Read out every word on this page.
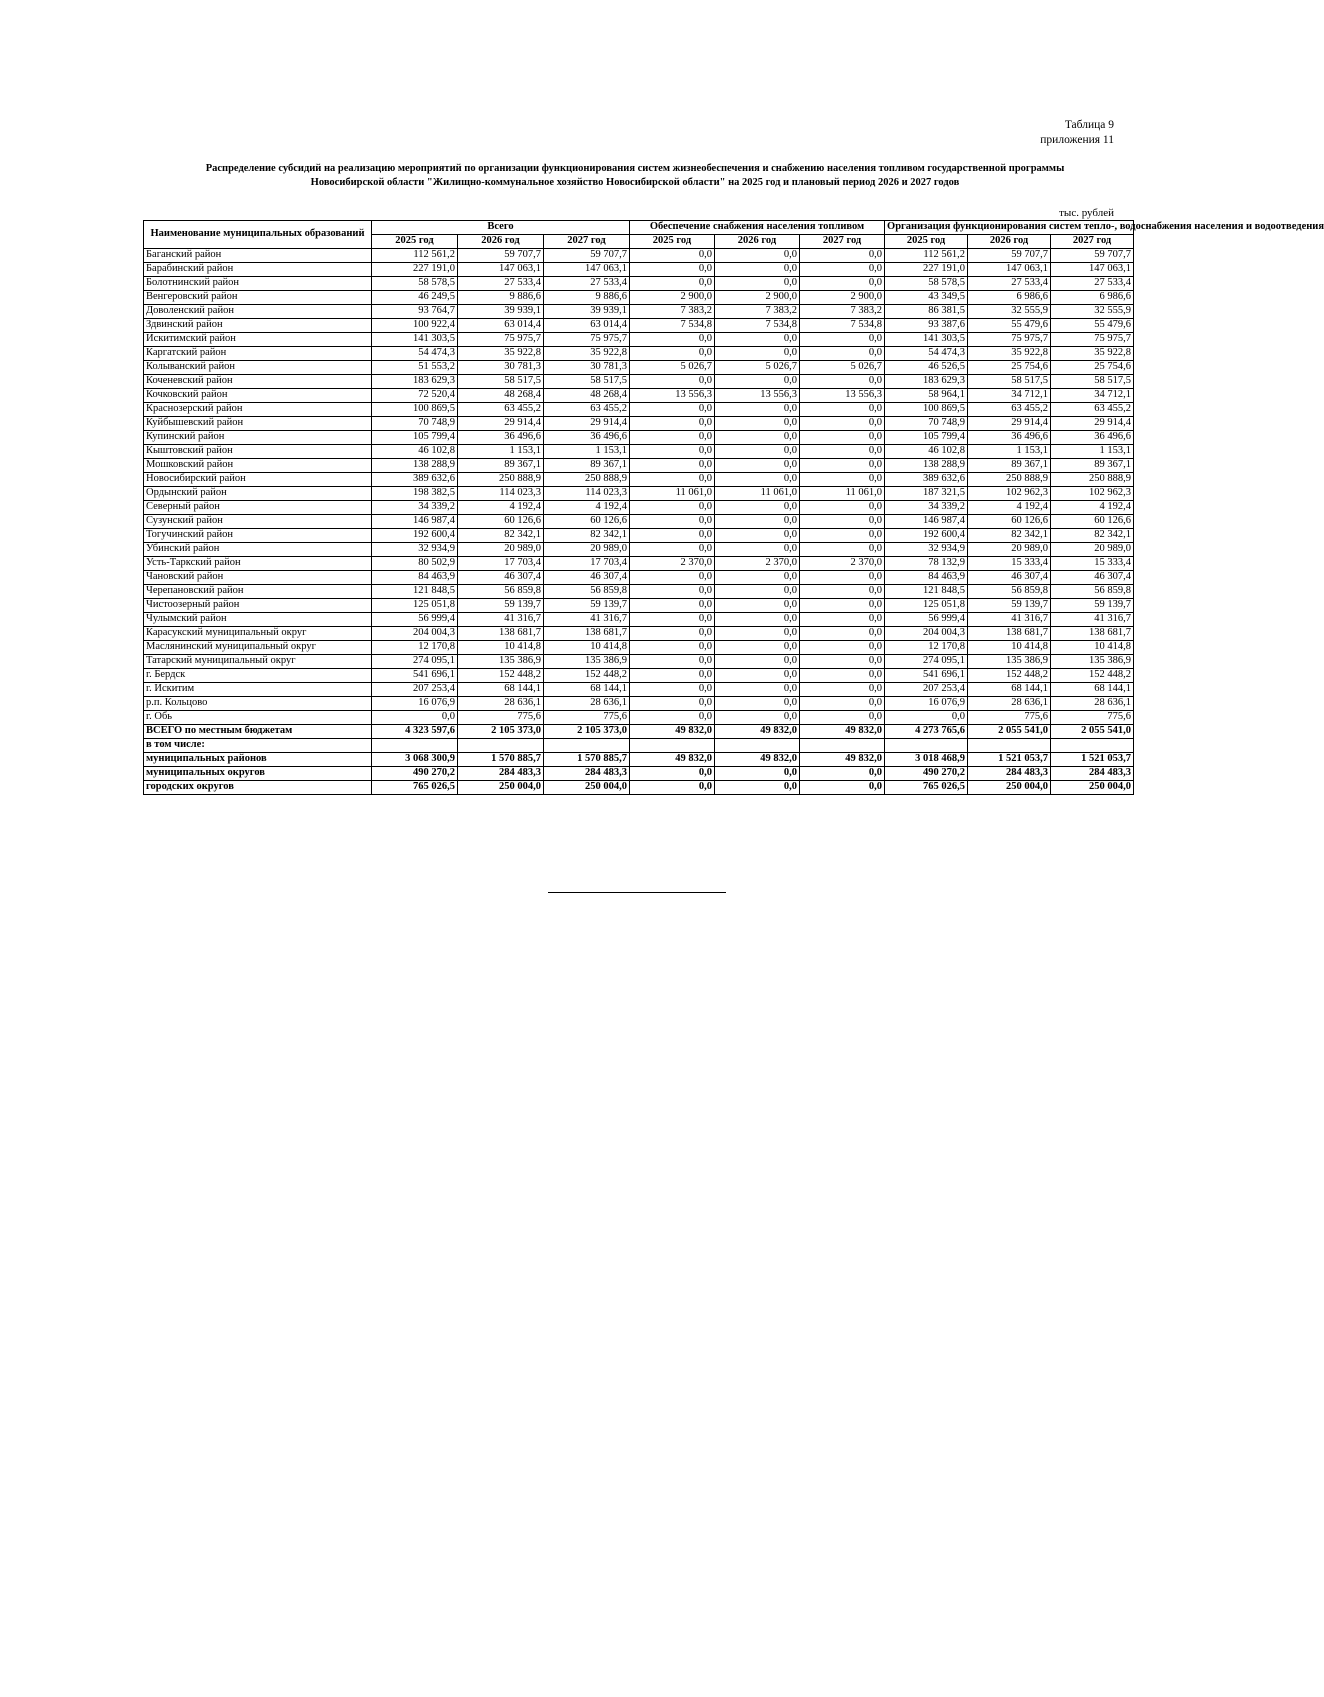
Таблица 9
приложения 11
Распределение субсидий на реализацию мероприятий по организации функционирования систем жизнеобеспечения и снабжению населения топливом государственной программы
Новосибирской области "Жилищно-коммунальное хозяйство Новосибирской области" на 2025 год и плановый период 2026 и 2027 годов
тыс. рублей
Наименование муниципальных образований	Всего			Обеспечение снабжения населения топливом			Организация функционирования систем тепло-, водоснабжения населения и водоотведения		
	2025 год	2026 год	2027 год	2025 год	2026 год	2027 год	2025 год	2026 год	2027 год
Баганский район	112 561,2	59 707,7	59 707,7	0,0	0,0	0,0	112 561,2	59 707,7	59 707,7
Барабинский район	227 191,0	147 063,1	147 063,1	0,0	0,0	0,0	227 191,0	147 063,1	147 063,1
Болотнинский район	58 578,5	27 533,4	27 533,4	0,0	0,0	0,0	58 578,5	27 533,4	27 533,4
Венгеровский район	46 249,5	9 886,6	9 886,6	2 900,0	2 900,0	2 900,0	43 349,5	6 986,6	6 986,6
Доволенский район	93 764,7	39 939,1	39 939,1	7 383,2	7 383,2	7 383,2	86 381,5	32 555,9	32 555,9
Здвинский район	100 922,4	63 014,4	63 014,4	7 534,8	7 534,8	7 534,8	93 387,6	55 479,6	55 479,6
Искитимский район	141 303,5	75 975,7	75 975,7	0,0	0,0	0,0	141 303,5	75 975,7	75 975,7
Каргатский район	54 474,3	35 922,8	35 922,8	0,0	0,0	0,0	54 474,3	35 922,8	35 922,8
Колыванский район	51 553,2	30 781,3	30 781,3	5 026,7	5 026,7	5 026,7	46 526,5	25 754,6	25 754,6
Коченевский район	183 629,3	58 517,5	58 517,5	0,0	0,0	0,0	183 629,3	58 517,5	58 517,5
Кочковский район	72 520,4	48 268,4	48 268,4	13 556,3	13 556,3	13 556,3	58 964,1	34 712,1	34 712,1
Краснозерский район	100 869,5	63 455,2	63 455,2	0,0	0,0	0,0	100 869,5	63 455,2	63 455,2
Куйбышевский район	70 748,9	29 914,4	29 914,4	0,0	0,0	0,0	70 748,9	29 914,4	29 914,4
Купинский район	105 799,4	36 496,6	36 496,6	0,0	0,0	0,0	105 799,4	36 496,6	36 496,6
Кыштовский район	46 102,8	1 153,1	1 153,1	0,0	0,0	0,0	46 102,8	1 153,1	1 153,1
Мошковский район	138 288,9	89 367,1	89 367,1	0,0	0,0	0,0	138 288,9	89 367,1	89 367,1
Новосибирский район	389 632,6	250 888,9	250 888,9	0,0	0,0	0,0	389 632,6	250 888,9	250 888,9
Ордынский район	198 382,5	114 023,3	114 023,3	11 061,0	11 061,0	11 061,0	187 321,5	102 962,3	102 962,3
Северный район	34 339,2	4 192,4	4 192,4	0,0	0,0	0,0	34 339,2	4 192,4	4 192,4
Сузунский район	146 987,4	60 126,6	60 126,6	0,0	0,0	0,0	146 987,4	60 126,6	60 126,6
Тогучинский район	192 600,4	82 342,1	82 342,1	0,0	0,0	0,0	192 600,4	82 342,1	82 342,1
Убинский район	32 934,9	20 989,0	20 989,0	0,0	0,0	0,0	32 934,9	20 989,0	20 989,0
Усть-Таркский район	80 502,9	17 703,4	17 703,4	2 370,0	2 370,0	2 370,0	78 132,9	15 333,4	15 333,4
Чановский район	84 463,9	46 307,4	46 307,4	0,0	0,0	0,0	84 463,9	46 307,4	46 307,4
Черепановский район	121 848,5	56 859,8	56 859,8	0,0	0,0	0,0	121 848,5	56 859,8	56 859,8
Чистоозерный район	125 051,8	59 139,7	59 139,7	0,0	0,0	0,0	125 051,8	59 139,7	59 139,7
Чулымский район	56 999,4	41 316,7	41 316,7	0,0	0,0	0,0	56 999,4	41 316,7	41 316,7
Карасукский муниципальный округ	204 004,3	138 681,7	138 681,7	0,0	0,0	0,0	204 004,3	138 681,7	138 681,7
Маслянинский муниципальный округ	12 170,8	10 414,8	10 414,8	0,0	0,0	0,0	12 170,8	10 414,8	10 414,8
Татарский муниципальный округ	274 095,1	135 386,9	135 386,9	0,0	0,0	0,0	274 095,1	135 386,9	135 386,9
г. Бердск	541 696,1	152 448,2	152 448,2	0,0	0,0	0,0	541 696,1	152 448,2	152 448,2
г. Искитим	207 253,4	68 144,1	68 144,1	0,0	0,0	0,0	207 253,4	68 144,1	68 144,1
р.п. Кольцово	16 076,9	28 636,1	28 636,1	0,0	0,0	0,0	16 076,9	28 636,1	28 636,1
г. Обь	0,0	775,6	775,6	0,0	0,0	0,0	0,0	775,6	775,6
ВСЕГО по местным бюджетам	4 323 597,6	2 105 373,0	2 105 373,0	49 832,0	49 832,0	49 832,0	4 273 765,6	2 055 541,0	2 055 541,0
в том числе:									
муниципальных районов	3 068 300,9	1 570 885,7	1 570 885,7	49 832,0	49 832,0	49 832,0	3 018 468,9	1 521 053,7	1 521 053,7
муниципальных округов	490 270,2	284 483,3	284 483,3	0,0	0,0	0,0	490 270,2	284 483,3	284 483,3
городских округов	765 026,5	250 004,0	250 004,0	0,0	0,0	0,0	765 026,5	250 004,0	250 004,0
